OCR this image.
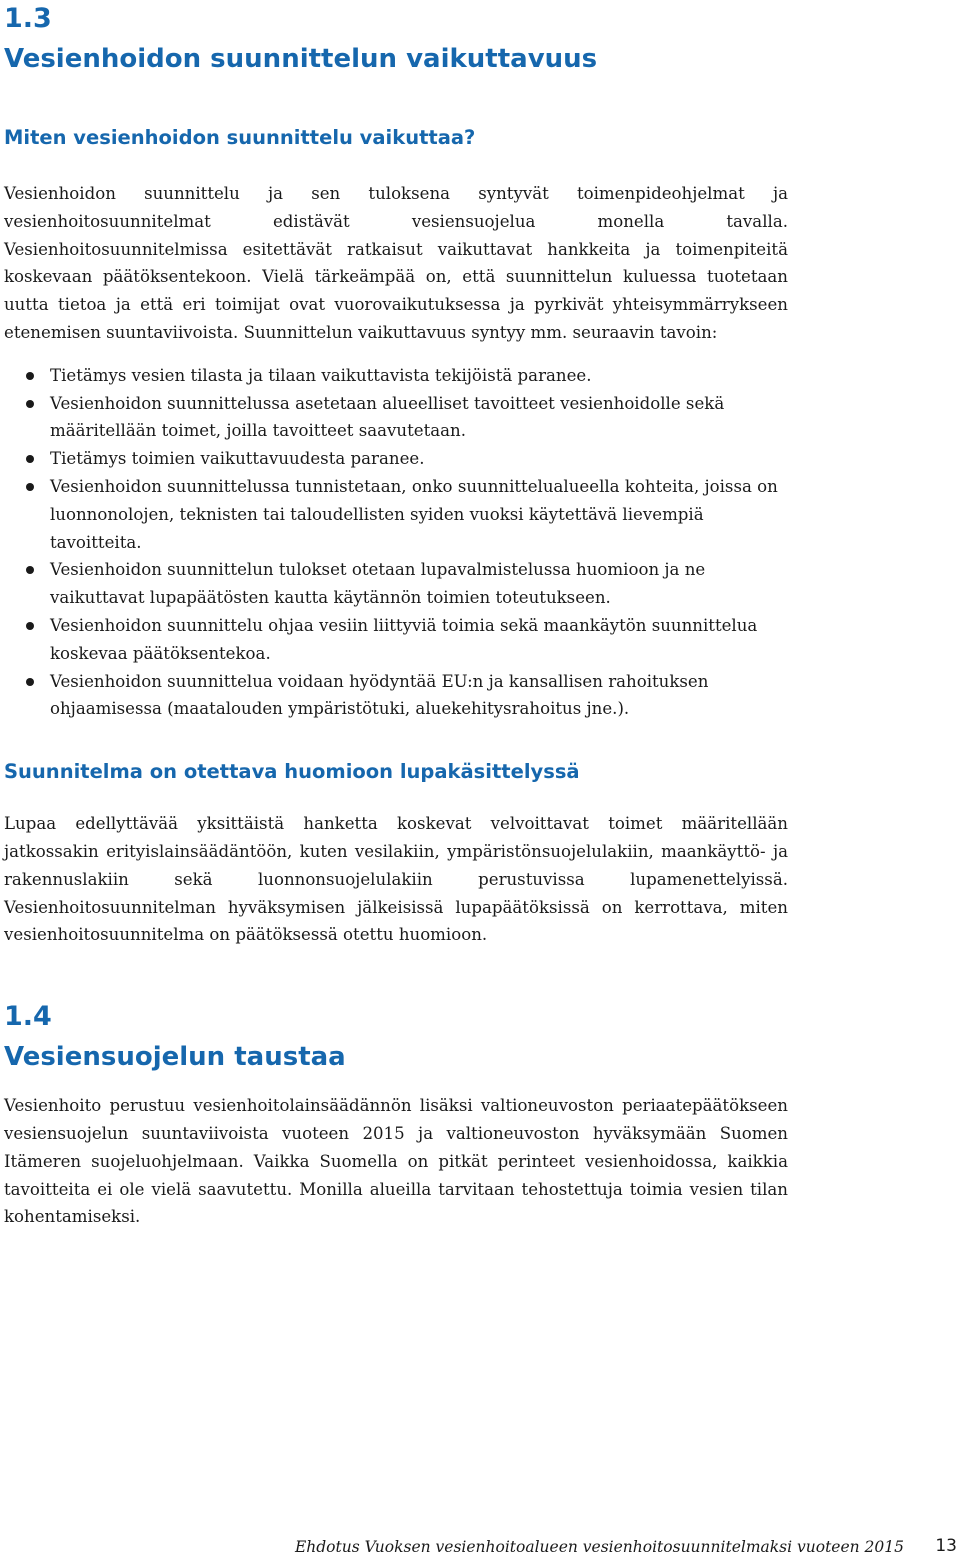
1.3
Vesienhoidon suunnittelun vaikuttavuus
Miten vesienhoidon suunnittelu vaikuttaa?

Vesienhoidon suunnittelu ja sen tuloksena syntyvät toimenpideohjelmat ja vesienhoitosuunnitelmat edistävät vesiensuojelua monella tavalla. Vesienhoitosuunnitelmissa esitettävät ratkaisut vaikuttavat hankkeita ja toimenpiteitä koskevaan päätöksentekoon. Vielä tärkeämpää on, että suunnittelun kuluessa tuotetaan uutta tietoa ja että eri toimijat ovat vuorovaikutuksessa ja pyrkivät yhteisymmärrykseen etenemisen suuntaviivoista. Suunnittelun vaikuttavuus syntyy mm. seuraavin tavoin:

Tietämys vesien tilasta ja tilaan vaikuttavista tekijöistä paranee.
Vesienhoidon suunnittelussa asetetaan alueelliset tavoitteet vesienhoidolle sekä määritellään toimet, joilla tavoitteet saavutetaan.
Tietämys toimien vaikuttavuudesta paranee.
Vesienhoidon suunnittelussa tunnistetaan, onko suunnittelualueella kohteita, joissa on luonnonolojen, teknisten tai taloudellisten syiden vuoksi käytettävä lievempiä tavoitteita.
Vesienhoidon suunnittelun tulokset otetaan lupavalmistelussa huomioon ja ne vaikuttavat lupapäätösten kautta käytännön toimien toteutukseen.
Vesienhoidon suunnittelu ohjaa vesiin liittyviä toimia sekä maankäytön suunnittelua koskevaa päätöksentekoa.
Vesienhoidon suunnittelua voidaan hyödyntää EU:n ja kansallisen rahoituksen ohjaamisessa (maatalouden ympäristötuki, aluekehitysrahoitus jne.).
Suunnitelma on otettava huomioon lupakäsittelyssä

Lupaa edellyttävää yksittäistä hanketta koskevat velvoittavat toimet määritellään jatkossakin erityislainsäädäntöön, kuten vesilakiin, ympäristönsuojelulakiin, maankäyttö- ja rakennuslakiin sekä luonnonsuojelulakiin perustuvissa lupamenettelyissä. Vesienhoitosuunnitelman hyväksymisen jälkeisissä lupapäätöksissä on kerrottava, miten vesienhoitosuunnitelma on päätöksessä otettu huomioon.

1.4
Vesiensuojelun taustaa

Vesienhoito perustuu vesienhoitolainsäädännön lisäksi valtioneuvoston periaatepäätökseen vesiensuojelun suuntaviivoista vuoteen 2015 ja valtioneuvoston hyväksymään Suomen Itämeren suojeluohjelmaan. Vaikka Suomella on pitkät perinteet vesienhoidossa, kaikkia tavoitteita ei ole vielä saavutettu. Monilla alueilla tarvitaan tehostettuja toimia vesien tilan kohentamiseksi.

Ehdotus Vuoksen vesienhoitoalueen vesienhoitosuunnitelmaksi vuoteen 2015 13
